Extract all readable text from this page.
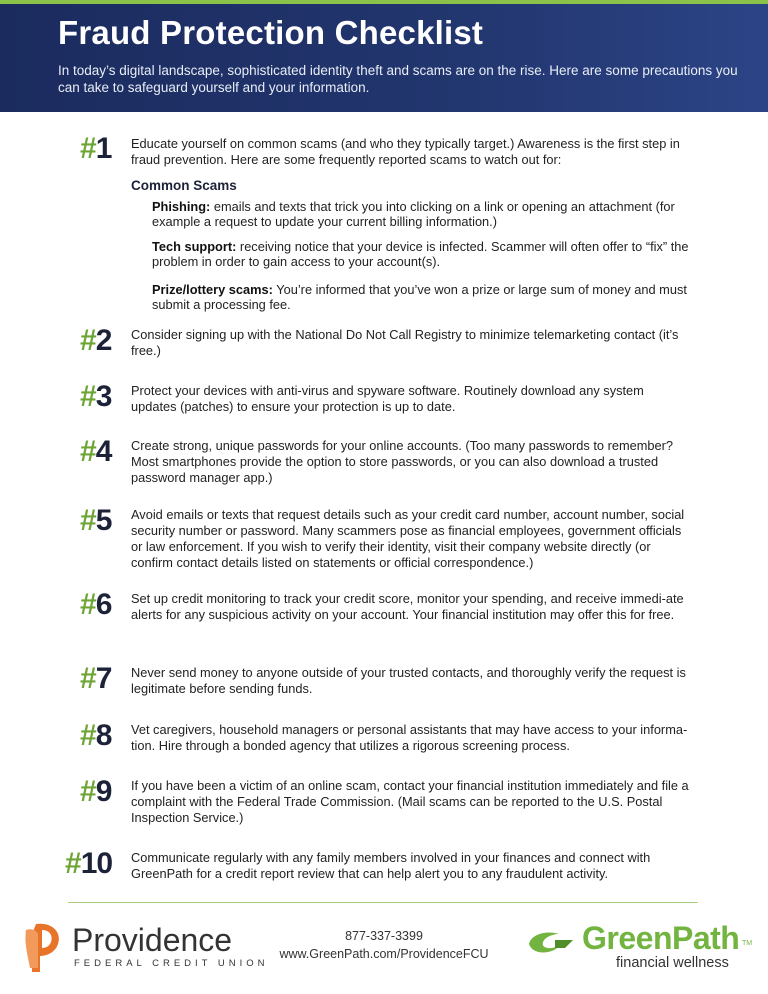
Fraud Protection Checklist

In today’s digital landscape, sophisticated identity theft and scams are on the rise. Here are some precautions you can take to safeguard yourself and your information.

#1 Educate yourself on common scams (and who they typically target.) Awareness is the first step in fraud prevention. Here are some frequently reported scams to watch out for:

Common Scams

Phishing: emails and texts that trick you into clicking on a link or opening an attachment (for example a request to update your current billing information.)

Tech support: receiving notice that your device is infected. Scammer will often offer to “fix” the problem in order to gain access to your account(s).

Prize/lottery scams: You’re informed that you’ve won a prize or large sum of money and must submit a processing fee.

#2 Consider signing up with the National Do Not Call Registry to minimize telemarketing contact (it’s free.)

#3 Protect your devices with anti-virus and spyware software. Routinely download any system updates (patches) to ensure your protection is up to date.

#4 Create strong, unique passwords for your online accounts. (Too many passwords to remember? Most smartphones provide the option to store passwords, or you can also download a trusted password manager app.)

#5 Avoid emails or texts that request details such as your credit card number, account number, social security number or password. Many scammers pose as financial employees, government officials or law enforcement. If you wish to verify their identity, visit their company website directly (or confirm contact details listed on statements or official correspondence.)

#6 Set up credit monitoring to track your credit score, monitor your spending, and receive immedi-ate alerts for any suspicious activity on your account. Your financial institution may offer this for free.

#7 Never send money to anyone outside of your trusted contacts, and thoroughly verify the request is legitimate before sending funds.

#8 Vet caregivers, household managers or personal assistants that may have access to your informa-tion. Hire through a bonded agency that utilizes a rigorous screening process.

#9 If you have been a victim of an online scam, contact your financial institution immediately and file a complaint with the Federal Trade Commission. (Mail scams can be reported to the U.S. Postal Inspection Service.)

#10 Communicate regularly with any family members involved in your finances and connect with GreenPath for a credit report review that can help alert you to any fraudulent activity.

Providence
FEDERAL CREDIT UNION

877-337-3399

www.GreenPath.com/ProvidenceFCU	GreenPath TM
financial wellness
